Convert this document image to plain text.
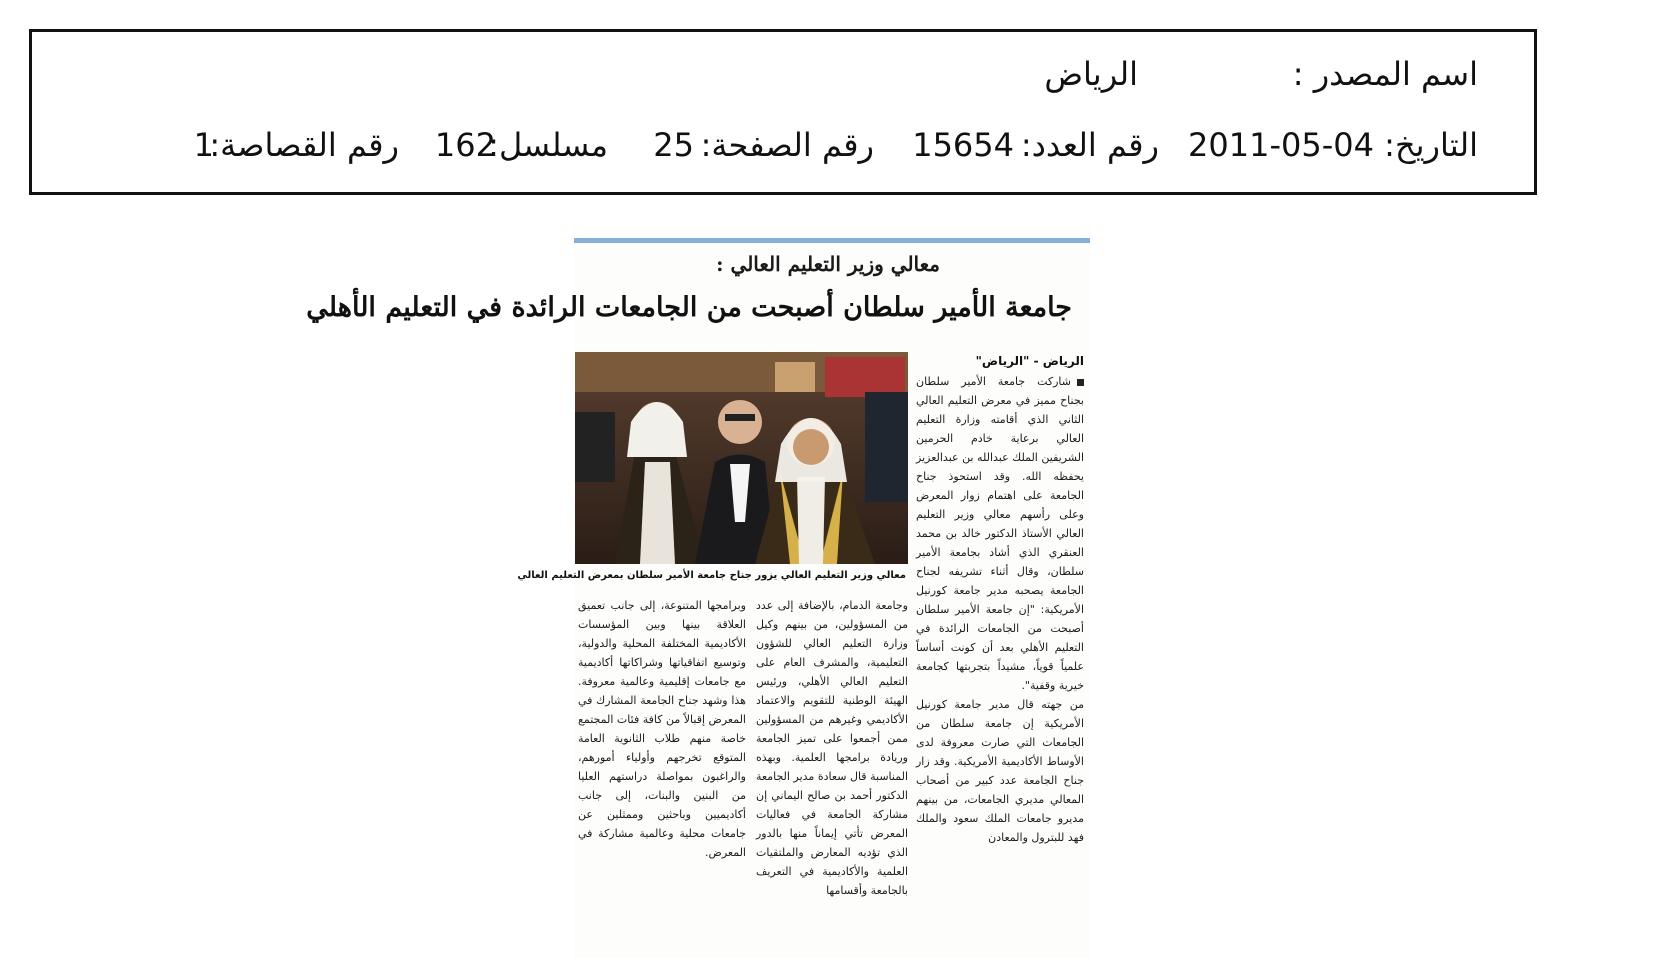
اسم المصدر :
الرياض
التاريخ:
2011-05-04
رقم العدد:
15654
رقم الصفحة:
25
مسلسل:
162
رقم القصاصة:
1
معالي وزير التعليم العالي :
جامعة الأمير سلطان أصبحت من الجامعات الرائدة في التعليم الأهلي
معالي وزير التعليم العالي يزور جناح جامعة الأمير سلطان بمعرض التعليم العالي
الرياض - "الرياض"

شاركت جامعة الأمير سلطان بجناح مميز في معرض التعليم العالي الثاني الذي أقامته وزارة التعليم العالي برعاية خادم الحرمين الشريفين الملك عبدالله بن عبدالعزيز يحفظه الله. وقد استحوذ جناح الجامعة على اهتمام زوار المعرض وعلى رأسهم معالي وزير التعليم العالي الأستاذ الدكتور خالد بن محمد العنقري الذي أشاد بجامعة الأمير سلطان، وقال أثناء تشريفه لجناح الجامعة يصحبه مدير جامعة كورنيل الأمريكية: "إن جامعة الأمير سلطان أصبحت من الجامعات الرائدة في التعليم الأهلي بعد أن كونت أساساً علمياً قوياً، مشيداً بتجربتها كجامعة خيرية وقفية".

من جهته قال مدير جامعة كورنيل الأمريكية إن جامعة سلطان من الجامعات التي صارت معروفة لدى الأوساط الأكاديمية الأمريكية. وقد زار جناح الجامعة عدد كبير من أصحاب المعالي مديري الجامعات، من بينهم مديرو جامعات الملك سعود والملك فهد للبترول والمعادن

وجامعة الدمام، بالإضافة إلى عدد من المسؤولين، من بينهم وكيل وزارة التعليم العالي للشؤون التعليمية، والمشرف العام على التعليم العالي الأهلي، ورئيس الهيئة الوطنية للتقويم والاعتماد الأكاديمي وغيرهم من المسؤولين ممن أجمعوا على تميز الجامعة وريادة برامجها العلمية. وبهذه المناسبة قال سعادة مدير الجامعة الدكتور أحمد بن صالح اليماني إن مشاركة الجامعة في فعاليات المعرض تأتي إيماناً منها بالدور الذي تؤديه المعارض والملتقيات العلمية والأكاديمية في التعريف بالجامعة وأقسامها

وبرامجها المتنوعة، إلى جانب تعميق العلاقة بينها وبين المؤسسات الأكاديمية المختلفة المحلية والدولية، وتوسيع اتفاقياتها وشراكاتها أكاديمية مع جامعات إقليمية وعالمية معروفة. هذا وشهد جناح الجامعة المشارك في المعرض إقبالاً من كافة فئات المجتمع خاصة منهم طلاب الثانوية العامة المتوقع تخرجهم وأولياء أمورهم، والراغبون بمواصلة دراستهم العليا من البنين والبنات، إلى جانب أكاديميين وباحثين وممثلين عن جامعات محلية وعالمية مشاركة في المعرض.
